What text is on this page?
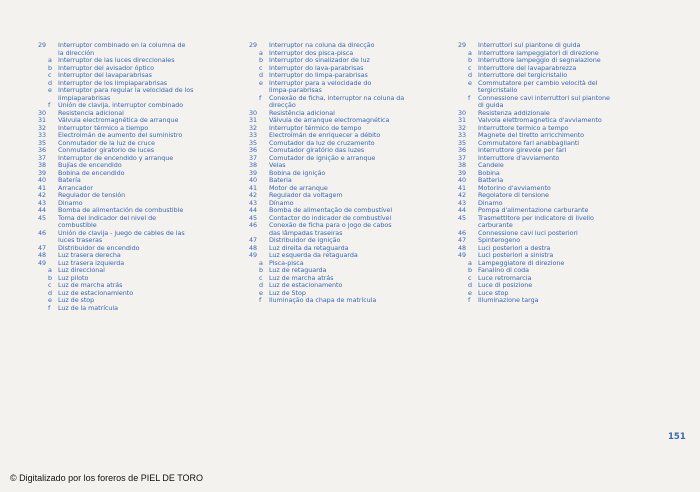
29	Interruptor combinado en la columna de
la dirección
a Interruptor de las luces direccionales
b Interruptor del avisador óptico
c	Interruptor del lavaparabrisas
d Interruptor de los limpiaparabrisas
e Interruptor para regular la velocidad de los
limpiaparabrisas
f	Unión de clavija, interruptor combinado
30	Resistencia adicional
31	Válvula electromagnética de arranque
32	Interruptor térmico a tiempo
33	Electroimán de aumento del suministro
35	Conmutador de la luz de cruce
36	Conmutador giratorio de luces
37	Interruptor de encendido y arranque
38	Bujías de encendido
39	Bobina de encendido
40	Batería
41	Arrancador
42	Regulador de tensión
43	Dinamo
44	Bomba de alimentación de combustible
45	Toma del indicador del nivel de
combustible
46	Unión de clavija - juego de cables de las
luces traseras
47	Distribuidor de encendido
48	Luz trasera derecha
49	Luz trasera izquierda
a Luz direccional
b Luz piloto
c	Luz de marcha atrás
d Luz de estacionamiento
e Luz de stop
f	Luz de la matrícula
29	Interruptor na coluna da direcção
a Interruptor dos pisca-pisca
b Interruptor do sinalizador de luz
c	Interruptor do lava-parabrisas
d Interruptor do limpa-parabrisas
e Interruptor para a velocidade do
limpa-parabrisas
f	Conexão de ficha, interruptor na coluna da
direcção
30	Resistência adicional
31	Válvula de arranque electromagnética
32	Interruptor térmico de tempo
33	Electroímán de enriquecer a débito
35	Comutador da luz de cruzamento
36	Comutador giratório das luzes
37	Comutador de ignição e arranque
38	Velas
39	Bobina de ignição
40	Bateria
41	Motor de arranque
42	Regulador da voltagem
43	Dínamo
44	Bomba de alimentação de combustível
45	Contactor do indicador de combustível
46	Conexão de ficha para o jogo de cabos
das lâmpadas traseiras
47	Distribuidor de ignição
48	Luz direita da retaguarda
49	Luz esquerda da retaguarda
a Pisca-pisca
b Luz de retaguarda
c	Luz de marcha atrás
d Luz de estacionamento
e Luz de Stop
f	Iluminação da chapa de matrícula
29	Interruttori sul piantone di guida
a Interruttore lampeggiatori di direzione
b Interruttore lampeggio di segnalazione
c	Interruttore del lavaparabrezza
d Interruttore del tergicristallo
e Commutatore per cambio velocità del
tergicristallo
f	Connessione cavi interruttori sul piantone
di guida
30	Resistenza addizionale
31	Valvola elettromagnetica d'avviamento
32	Interruttore termico a tempo
33	Magnete del tiretto arricchimento
35	Commutatore fari anabbaglianti
36	Interruttore girevole per fari
37	Interruttore d'avviamento
38	Candele
39	Bobina
40	Batteria
41	Motorino d'avviamento
42	Regolatore di tensione
43	Dinamo
44	Pompa d'alimentazione carburante
45	Trasmettitore per indicatore di livello
carburante
46	Connessione cavi luci posteriori
47	Spinterogeno
48	Luci posteriori a destra
49	Luci posteriori a sinistra
a Lampeggiatore di direzione
b Fanalino di coda
c	Luce retromarcia
d Luce di posizione
e Luce stop
f	Illuminazione targa
151
© Digitalizado por los foreros de PIEL DE TORO
